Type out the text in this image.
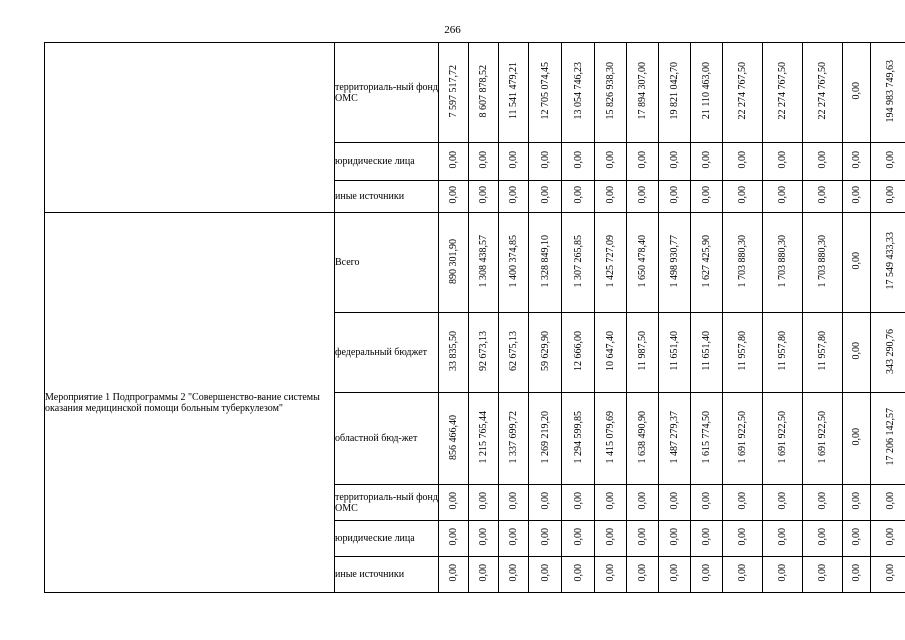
266
	территориаль-ный фонд ОМС	7 597 517,72	8 607 878,52	11 541 479,21	12 705 074,45	13 054 746,23	15 826 938,30	17 894 307,00	19 821 042,70	21 110 463,00	22 274 767,50	22 274 767,50	22 274 767,50	0,00	194 983 749,63
	юридические лица	0,00	0,00	0,00	0,00	0,00	0,00	0,00	0,00	0,00	0,00	0,00	0,00	0,00	0,00
	иные источники	0,00	0,00	0,00	0,00	0,00	0,00	0,00	0,00	0,00	0,00	0,00	0,00	0,00	0,00
Мероприятие 1 Подпрограммы 2 "Совершенство-вание системы оказания медицинской помощи больным туберкулезом"	Всего	890 301,90	1 308 438,57	1 400 374,85	1 328 849,10	1 307 265,85	1 425 727,09	1 650 478,40	1 498 930,77	1 627 425,90	1 703 880,30	1 703 880,30	1 703 880,30	0,00	17 549 433,33
	федеральный бюджет	33 835,50	92 673,13	62 675,13	59 629,90	12 666,00	10 647,40	11 987,50	11 651,40	11 651,40	11 957,80	11 957,80	11 957,80	0,00	343 290,76
	областной бюд-жет	856 466,40	1 215 765,44	1 337 699,72	1 269 219,20	1 294 599,85	1 415 079,69	1 638 490,90	1 487 279,37	1 615 774,50	1 691 922,50	1 691 922,50	1 691 922,50	0,00	17 206 142,57
	территориаль-ный фонд ОМС	0,00	0,00	0,00	0,00	0,00	0,00	0,00	0,00	0,00	0,00	0,00	0,00	0,00	0,00
	юридические лица	0,00	0,00	0,00	0,00	0,00	0,00	0,00	0,00	0,00	0,00	0,00	0,00	0,00	0,00
	иные источники	0,00	0,00	0,00	0,00	0,00	0,00	0,00	0,00	0,00	0,00	0,00	0,00	0,00	0,00
